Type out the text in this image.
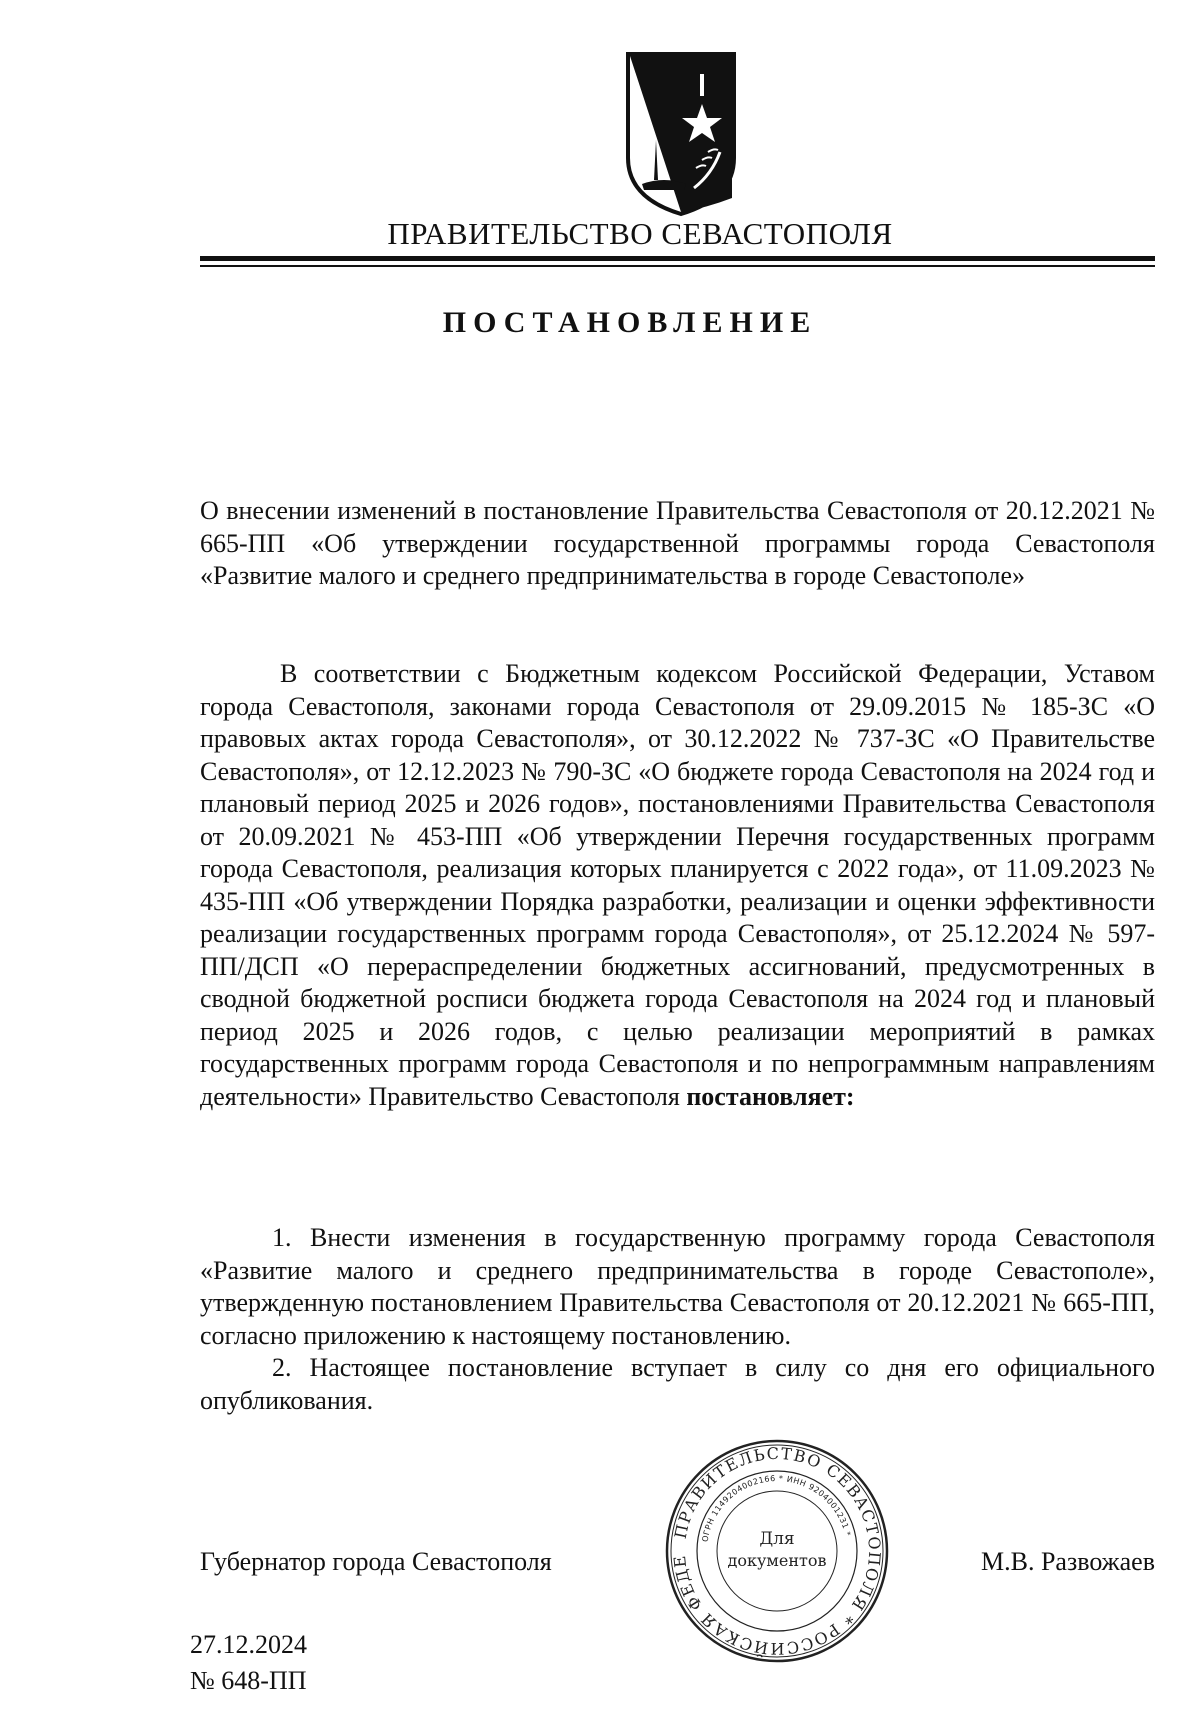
ПРАВИТЕЛЬСТВО СЕВАСТОПОЛЯ
ПОСТАНОВЛЕНИЕ
О внесении изменений в постановление Правительства Севастополя от 20.12.2021 № 665-ПП «Об утверждении государственной программы города Севастополя «Развитие малого и среднего предпринимательства в городе Севастополе»
В соответствии с Бюджетным кодексом Российской Федерации, Уставом города Севастополя, законами города Севастополя от 29.09.2015 № 185-ЗС «О правовых актах города Севастополя», от 30.12.2022 № 737-ЗС «О Правительстве Севастополя», от 12.12.2023 № 790-ЗС «О бюджете города Севастополя на 2024 год и плановый период 2025 и 2026 годов», постановлениями Правительства Севастополя от 20.09.2021 № 453-ПП «Об утверждении Перечня государственных программ города Севастополя, реализация которых планируется с 2022 года», от 11.09.2023 № 435-ПП «Об утверждении Порядка разработки, реализации и оценки эффективности реализации государственных программ города Севастополя», от 25.12.2024 № 597-ПП/ДСП «О перераспределении бюджетных ассигнований, предусмотренных в сводной бюджетной росписи бюджета города Севастополя на 2024 год и плановый период 2025 и 2026 годов, с целью реализации мероприятий в рамках государственных программ города Севастополя и по непрограммным направлениям деятельности» Правительство Севастополя постановляет:

1. Внести изменения в государственную программу города Севастополя «Развитие малого и среднего предпринимательства в городе Севастополе», утвержденную постановлением Правительства Севастополя от 20.12.2021 № 665-ПП, согласно приложению к настоящему постановлению.

2. Настоящее постановление вступает в силу со дня его официального опубликования.

Губернатор города Севастополя
ПРАВИТЕЛЬСТВО СЕВАСТОПОЛЯ * РОССИЙСКАЯ ФЕДЕ
ОГРН 1149204002166 * ИНН 9204001231 *
Для
документов	М.В. Развожаев
27.12.2024
№ 648-ПП
